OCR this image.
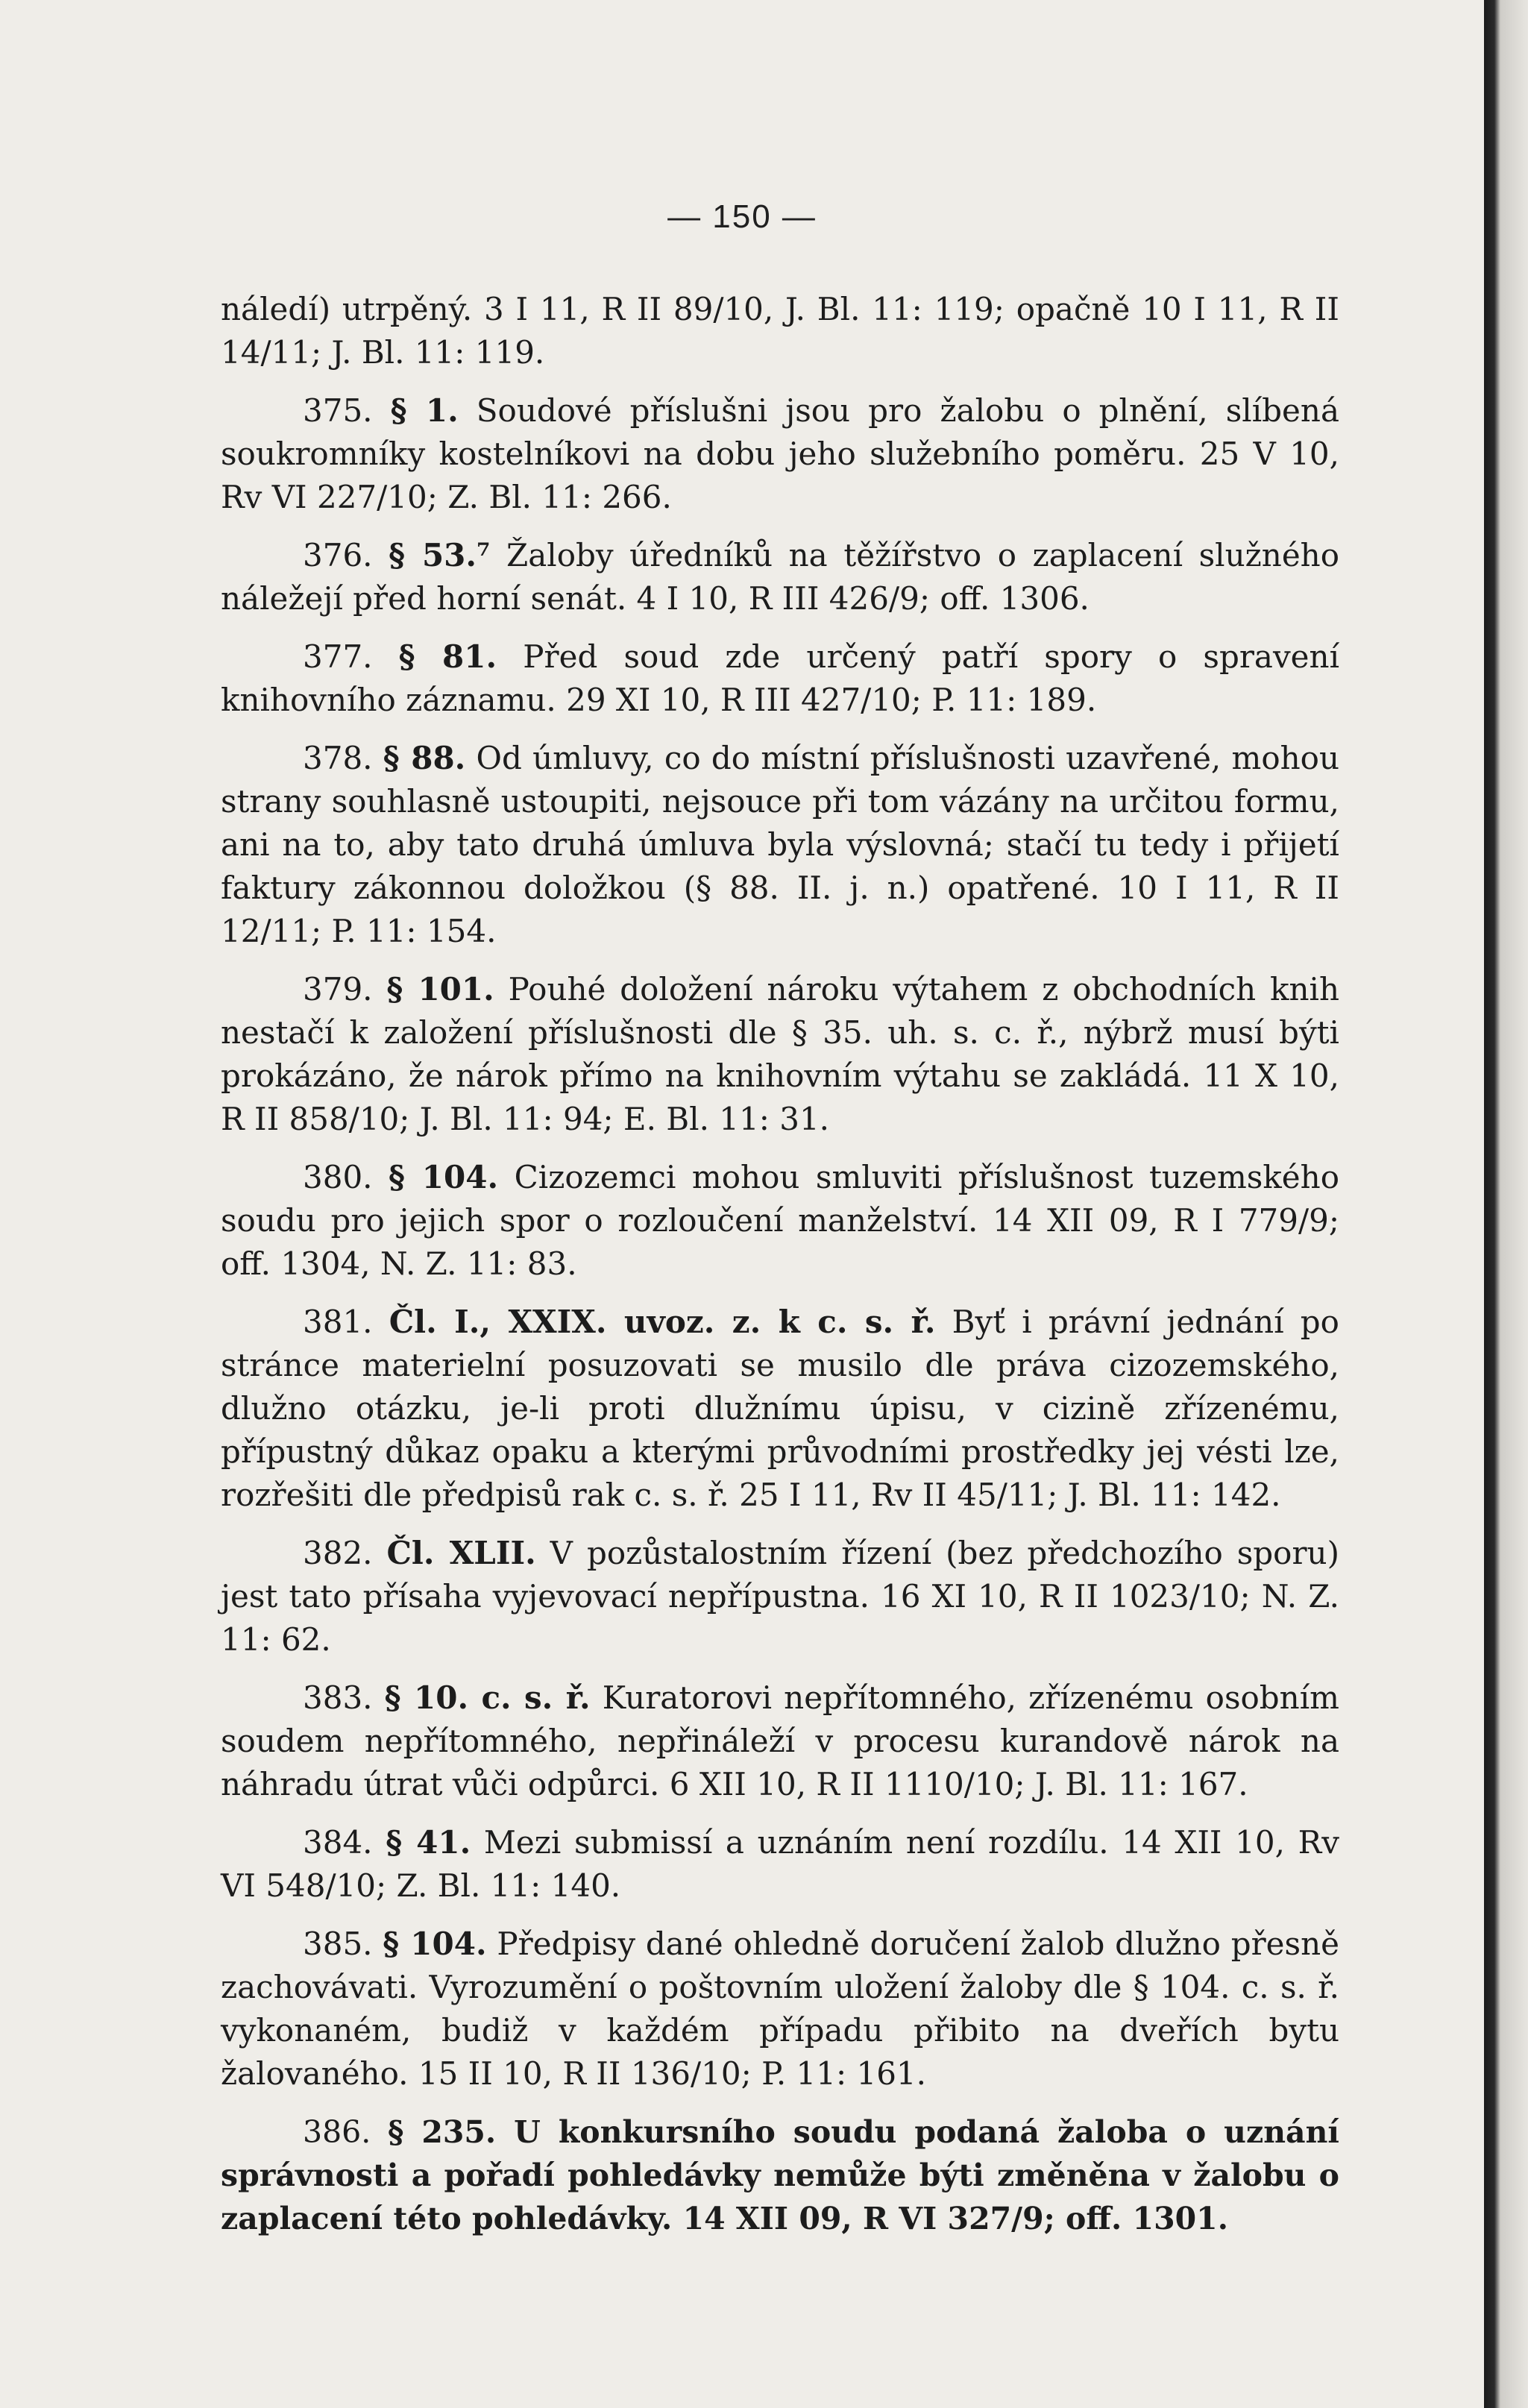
— 150 —

náledí) utrpěný. 3 I 11, R II 89/10, J. Bl. 11: 119; opačně 10 I 11, R II 14/11; J. Bl. 11: 119.

375. § 1. Soudové příslušni jsou pro žalobu o plnění, slíbená soukromníky kostelníkovi na dobu jeho služebního poměru. 25 V 10, Rv VI 227/10; Z. Bl. 11: 266.

376. § 53.⁷ Žaloby úředníků na těžířstvo o zaplacení služného náležejí před horní senát. 4 I 10, R III 426/9; off. 1306.

377. § 81. Před soud zde určený patří spory o spravení knihovního záznamu. 29 XI 10, R III 427/10; P. 11: 189.

378. § 88. Od úmluvy, co do místní příslušnosti uzavřené, mohou strany souhlasně ustoupiti, nejsouce při tom vázány na určitou formu, ani na to, aby tato druhá úmluva byla výslovná; stačí tu tedy i přijetí faktury zákonnou doložkou (§ 88. II. j. n.) opatřené. 10 I 11, R II 12/11; P. 11: 154.

379. § 101. Pouhé doložení nároku výtahem z obchodních knih nestačí k založení příslušnosti dle § 35. uh. s. c. ř., nýbrž musí býti prokázáno, že nárok přímo na knihovním výtahu se zakládá. 11 X 10, R II 858/10; J. Bl. 11: 94; E. Bl. 11: 31.

380. § 104. Cizozemci mohou smluviti příslušnost tuzemského soudu pro jejich spor o rozloučení manželství. 14 XII 09, R I 779/9; off. 1304, N. Z. 11: 83.

381. Čl. I., XXIX. uvoz. z. k c. s. ř. Byť i právní jednání po stránce materielní posuzovati se musilo dle práva cizozemského, dlužno otázku, je-li proti dlužnímu úpisu, v cizině zřízenému, přípustný důkaz opaku a kterými průvodními prostředky jej vésti lze, rozřešiti dle předpisů rak c. s. ř. 25 I 11, Rv II 45/11; J. Bl. 11: 142.

382. Čl. XLII. V pozůstalostním řízení (bez předchozího sporu) jest tato přísaha vyjevovací nepřípustna. 16 XI 10, R II 1023/10; N. Z. 11: 62.

383. § 10. c. s. ř. Kuratorovi nepřítomného, zřízenému osobním soudem nepřítomného, nepřináleží v procesu kurandově nárok na náhradu útrat vůči odpůrci. 6 XII 10, R II 1110/10; J. Bl. 11: 167.

384. § 41. Mezi submissí a uznáním není rozdílu. 14 XII 10, Rv VI 548/10; Z. Bl. 11: 140.

385. § 104. Předpisy dané ohledně doručení žalob dlužno přesně zachovávati. Vyrozumění o poštovním uložení žaloby dle § 104. c. s. ř. vykonaném, budiž v každém případu přibito na dveřích bytu žalovaného. 15 II 10, R II 136/10; P. 11: 161.

386. § 235. U konkursního soudu podaná žaloba o uznání správnosti a pořadí pohledávky nemůže býti změněna v žalobu o zaplacení této pohledávky. 14 XII 09, R VI 327/9; off. 1301.
